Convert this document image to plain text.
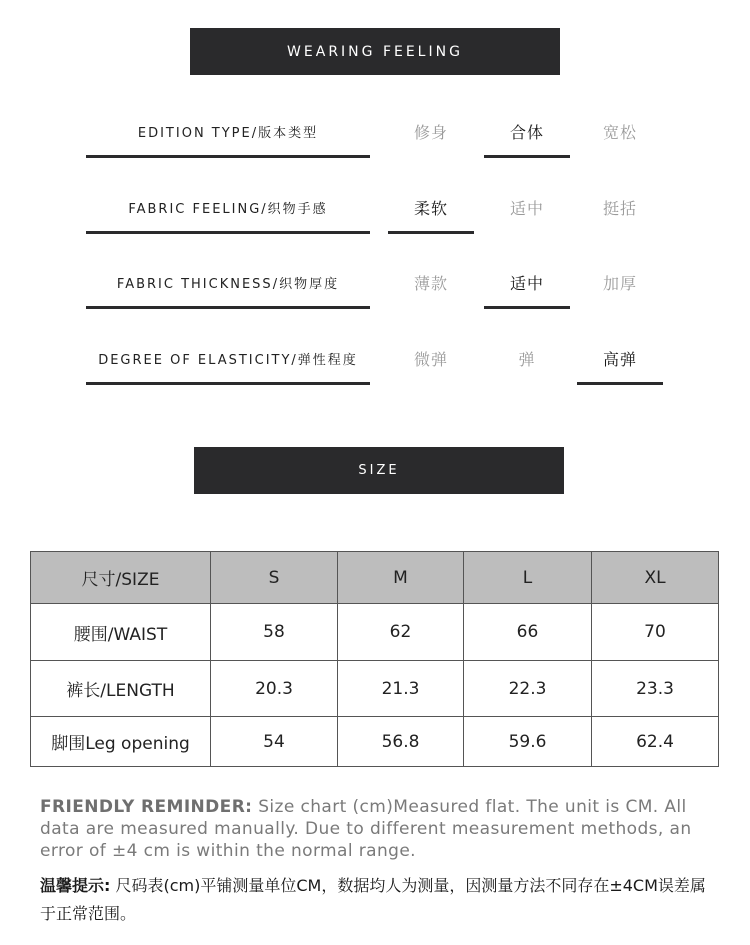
WEARING FEELING
EDITION TYPE/版本类型	修身	合体	宽松
FABRIC FEELING/织物手感	柔软	适中	挺括
FABRIC THICKNESS/织物厚度	薄款	适中	加厚
DEGREE OF ELASTICITY/弹性程度	微弹	弹	高弹
SIZE
尺寸/SIZE	S	M	L	XL
腰围/WAIST	58	62	66	70
裤长/LENGTH	20.3	21.3	22.3	23.3
脚围Leg opening	54	56.8	59.6	62.4
FRIENDLY REMINDER: Size chart (cm)Measured flat. The unit is CM. All data are measured manually. Due to different measurement methods, an error of ±4 cm is within the normal range.
温馨提示: 尺码表(cm)平铺测量单位CM，数据均人为测量，因测量方法不同存在±4CM误差属于正常范围。
